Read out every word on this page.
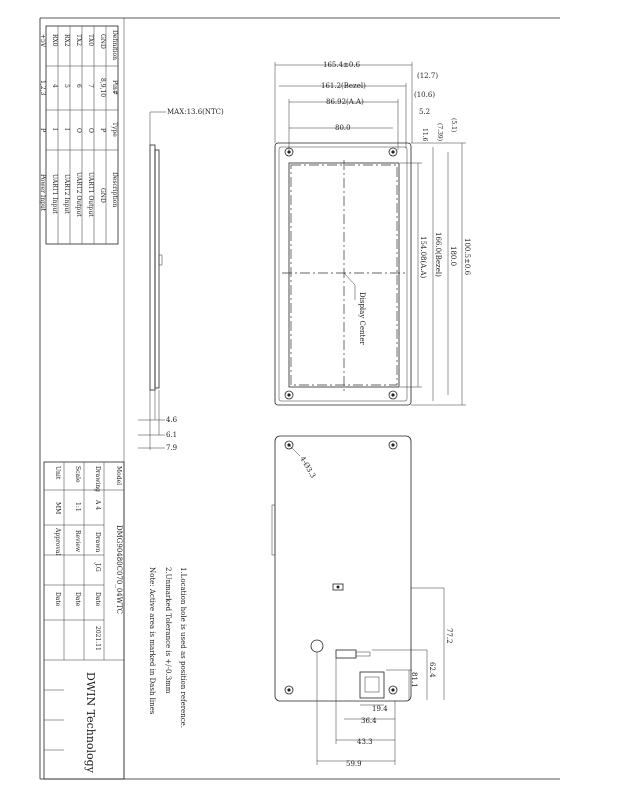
Definition
Pin#
Type
Description
GND
8,9,10
P
GND
TX0
7
O
UART1 Output
TX2
6
O
UART2 Output
RX2
5
I
UART2 Input
RX0
4
I
UART1 Input
+5V
1,2,3
P
Power Input
Model
DMG90480C070_04WTC
Drawing
A 4
Drawn
J.G
Date
2021.11
Scale
1:1
Review
Date
Unit
MM
Approval
Date
DWIN Technology	1.Location hole is used as position reference.
2.Unmarked Tolerance is +/-0.3mm
Note: Active area is marked in Dash lines
MAX:13.6(NTC)
4.6
6.1
7.9
Display Center
165.4±0.6
161.2(Bezel)
86.92(A.A)
80.0
(12.7)
(10.6)
5.2
(5.1)
(7.39)
11.6
100.5±0.6
180.0
166.0(Bezel)
154.08(A.A)
4-Ø3.3
77.2
62.4
81.1
19.4
36.4
43.3
59.9
